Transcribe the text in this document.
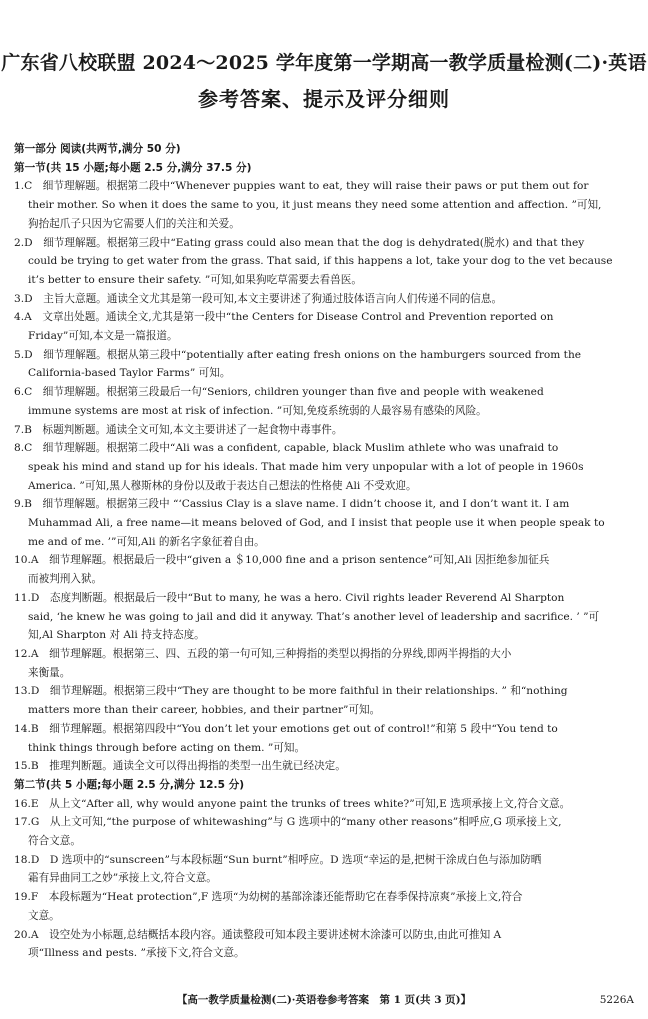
广东省八校联盟 2024～2025 学年度第一学期高一教学质量检测(二)·英语
参考答案、提示及评分细则
第一部分 阅读(共两节,满分 50 分)
第一节(共 15 小题;每小题 2.5 分,满分 37.5 分)
1.C　细节理解题。根据第二段中“Whenever puppies want to eat, they will raise their paws or put them out for
their mother. So when it does the same to you, it just means they need some attention and affection. ”可知,
狗抬起爪子只因为它需要人们的关注和关爱。
2.D　细节理解题。根据第三段中“Eating grass could also mean that the dog is dehydrated(脱水) and that they
could be trying to get water from the grass. That said, if this happens a lot, take your dog to the vet because
it’s better to ensure their safety. ”可知,如果狗吃草需要去看兽医。
3.D　主旨大意题。通读全文尤其是第一段可知,本文主要讲述了狗通过肢体语言向人们传递不同的信息。
4.A　文章出处题。通读全文,尤其是第一段中“the Centers for Disease Control and Prevention reported on
Friday”可知,本文是一篇报道。
5.D　细节理解题。根据从第三段中“potentially after eating fresh onions on the hamburgers sourced from the
California-based Taylor Farms” 可知。
6.C　细节理解题。根据第三段最后一句“Seniors, children younger than five and people with weakened
immune systems are most at risk of infection. ”可知,免疫系统弱的人最容易有感染的风险。
7.B　标题判断题。通读全文可知,本文主要讲述了一起食物中毒事件。
8.C　细节理解题。根据第二段中“Ali was a confident, capable, black Muslim athlete who was unafraid to
speak his mind and stand up for his ideals. That made him very unpopular with a lot of people in 1960s
America. ”可知,黑人穆斯林的身份以及敢于表达自己想法的性格使 Ali 不受欢迎。
9.B　细节理解题。根据第三段中 “‘Cassius Clay is a slave name. I didn’t choose it, and I don’t want it. I am
Muhammad Ali, a free name—it means beloved of God, and I insist that people use it when people speak to
me and of me. ’”可知,Ali 的新名字象征着自由。
10.A　细节理解题。根据最后一段中“given a ＄10,000 fine and a prison sentence”可知,Ali 因拒绝参加征兵
而被判刑入狱。
11.D　态度判断题。根据最后一段中“But to many, he was a hero. Civil rights leader Reverend Al Sharpton
said, ‘he knew he was going to jail and did it anyway. That’s another level of leadership and sacrifice. ’ ”可
知,Al Sharpton 对 Ali 持支持态度。
12.A　细节理解题。根据第三、四、五段的第一句可知,三种拇指的类型以拇指的分界线,即两半拇指的大小
来衡量。
13.D　细节理解题。根据第三段中“They are thought to be more faithful in their relationships. ” 和“nothing
matters more than their career, hobbies, and their partner”可知。
14.B　细节理解题。根据第四段中“You don’t let your emotions get out of control!”和第 5 段中“You tend to
think things through before acting on them. ”可知。
15.B　推理判断题。通读全文可以得出拇指的类型一出生就已经决定。
第二节(共 5 小题;每小题 2.5 分,满分 12.5 分)
16.E　从上文“After all, why would anyone paint the trunks of trees white?”可知,E 选项承接上文,符合文意。
17.G　从上文可知,“the purpose of whitewashing”与 G 选项中的“many other reasons”相呼应,G 项承接上文,
符合文意。
18.D　D 选项中的“sunscreen”与本段标题“Sun burnt”相呼应。D 选项“幸运的是,把树干涂成白色与添加防晒
霜有异曲同工之妙”承接上文,符合文意。
19.F　本段标题为“Heat protection”,F 选项“为幼树的基部涂漆还能帮助它在春季保持凉爽”承接上文,符合
文意。
20.A　设空处为小标题,总结概括本段内容。通读整段可知本段主要讲述树木涂漆可以防虫,由此可推知 A
项“Illness and pests. ”承接下文,符合文意。
【高一教学质量检测(二)·英语卷参考答案　第 1 页(共 3 页)】	5226A
